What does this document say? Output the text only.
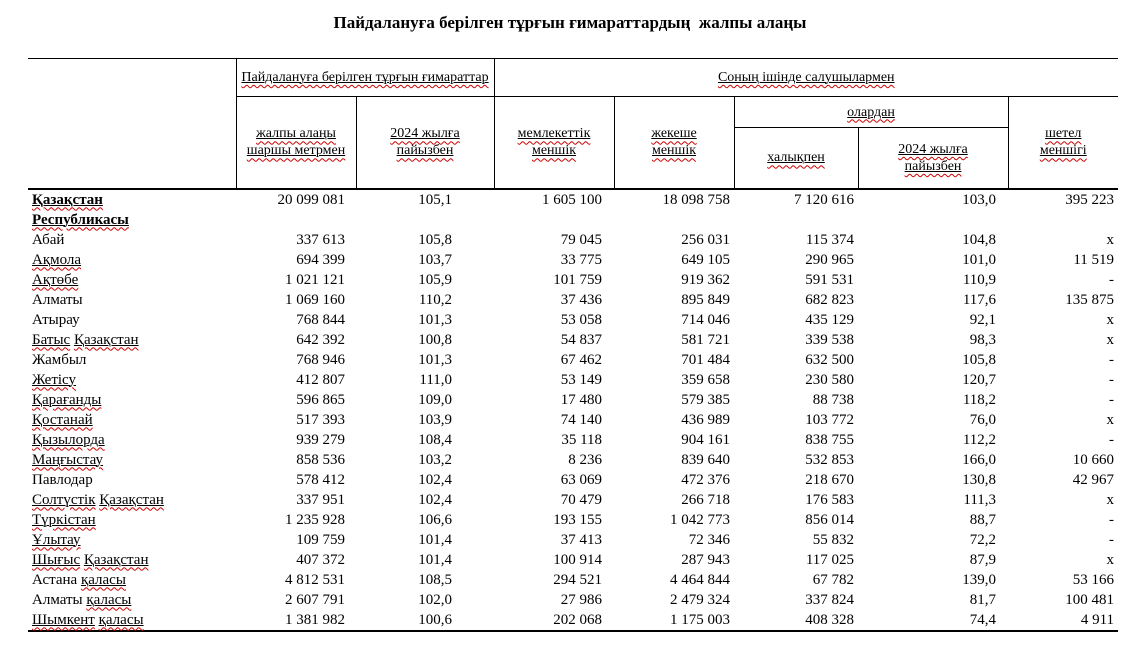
Пайдалануға берілген тұрғын ғимараттардың  жалпы алаңы
	Пайдалануға берілген тұрғын ғимараттар		Соның ішінде салушылармен				
	жалпы алаңы шаршы метрмен	2024 жылға пайызбен	мемлекеттік меншік	жекеше меншік	олардан		шетел меншігі
					халықпен	2024 жылға пайызбен	
Қазақстан
Республикасы	20 099 081	105,1	1 605 100	18 098 758	7 120 616	103,0	395 223
Абай	337 613	105,8	79 045	256 031	115 374	104,8	x
Ақмола	694 399	103,7	33 775	649 105	290 965	101,0	11 519
Ақтөбе	1 021 121	105,9	101 759	919 362	591 531	110,9	-
Алматы	1 069 160	110,2	37 436	895 849	682 823	117,6	135 875
Атырау	768 844	101,3	53 058	714 046	435 129	92,1	x
Батыс Қазақстан	642 392	100,8	54 837	581 721	339 538	98,3	x
Жамбыл	768 946	101,3	67 462	701 484	632 500	105,8	-
Жетісу	412 807	111,0	53 149	359 658	230 580	120,7	-
Қарағанды	596 865	109,0	17 480	579 385	88 738	118,2	-
Қостанай	517 393	103,9	74 140	436 989	103 772	76,0	x
Қызылорда	939 279	108,4	35 118	904 161	838 755	112,2	-
Маңғыстау	858 536	103,2	8 236	839 640	532 853	166,0	10 660
Павлодар	578 412	102,4	63 069	472 376	218 670	130,8	42 967
Солтүстік Қазақстан	337 951	102,4	70 479	266 718	176 583	111,3	x
Түркістан	1 235 928	106,6	193 155	1 042 773	856 014	88,7	-
Ұлытау	109 759	101,4	37 413	72 346	55 832	72,2	-
Шығыс Қазақстан	407 372	101,4	100 914	287 943	117 025	87,9	x
Астана қаласы	4 812 531	108,5	294 521	4 464 844	67 782	139,0	53 166
Алматы қаласы	2 607 791	102,0	27 986	2 479 324	337 824	81,7	100 481
Шымкент қаласы	1 381 982	100,6	202 068	1 175 003	408 328	74,4	4 911
